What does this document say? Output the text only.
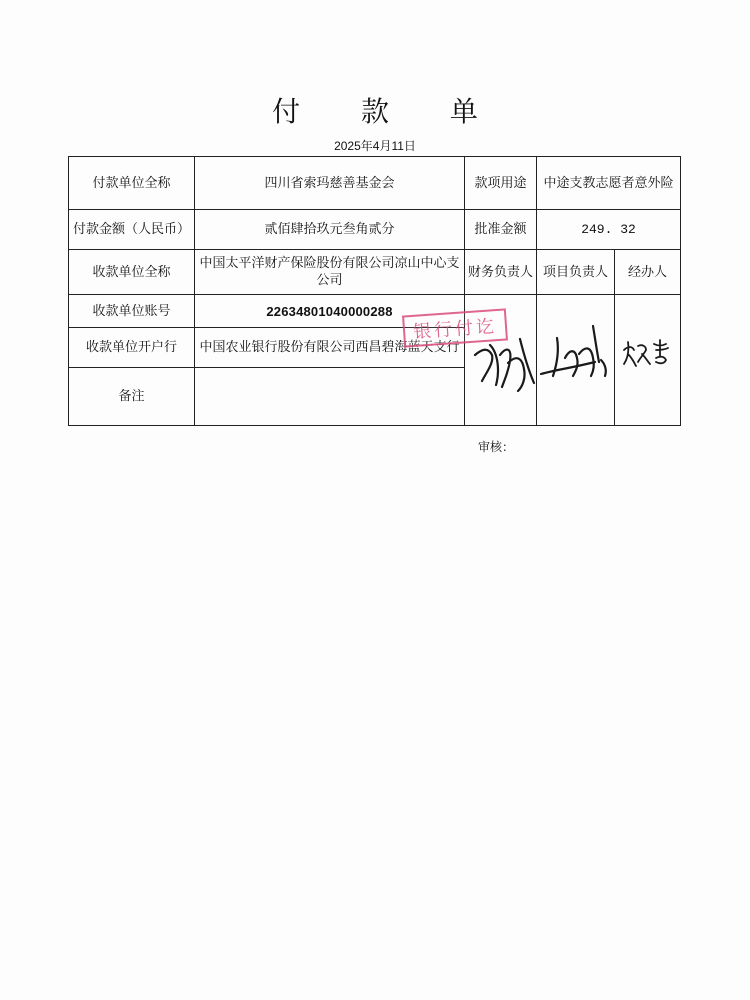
付 款 单
2025年4月11日
付款单位全称	四川省索玛慈善基金会	款项用途	中途支教志愿者意外险	
付款金额（人民币）	贰佰肆拾玖元叁角贰分	批准金额	249. 32	
收款单位全称	中国太平洋财产保险股份有限公司凉山中心支公司	财务负责人	项目负责人	经办人
收款单位账号	22634801040000288			
收款单位开户行	中国农业银行股份有限公司西昌碧海蓝天支行			
备注				
银行付讫
审核：
